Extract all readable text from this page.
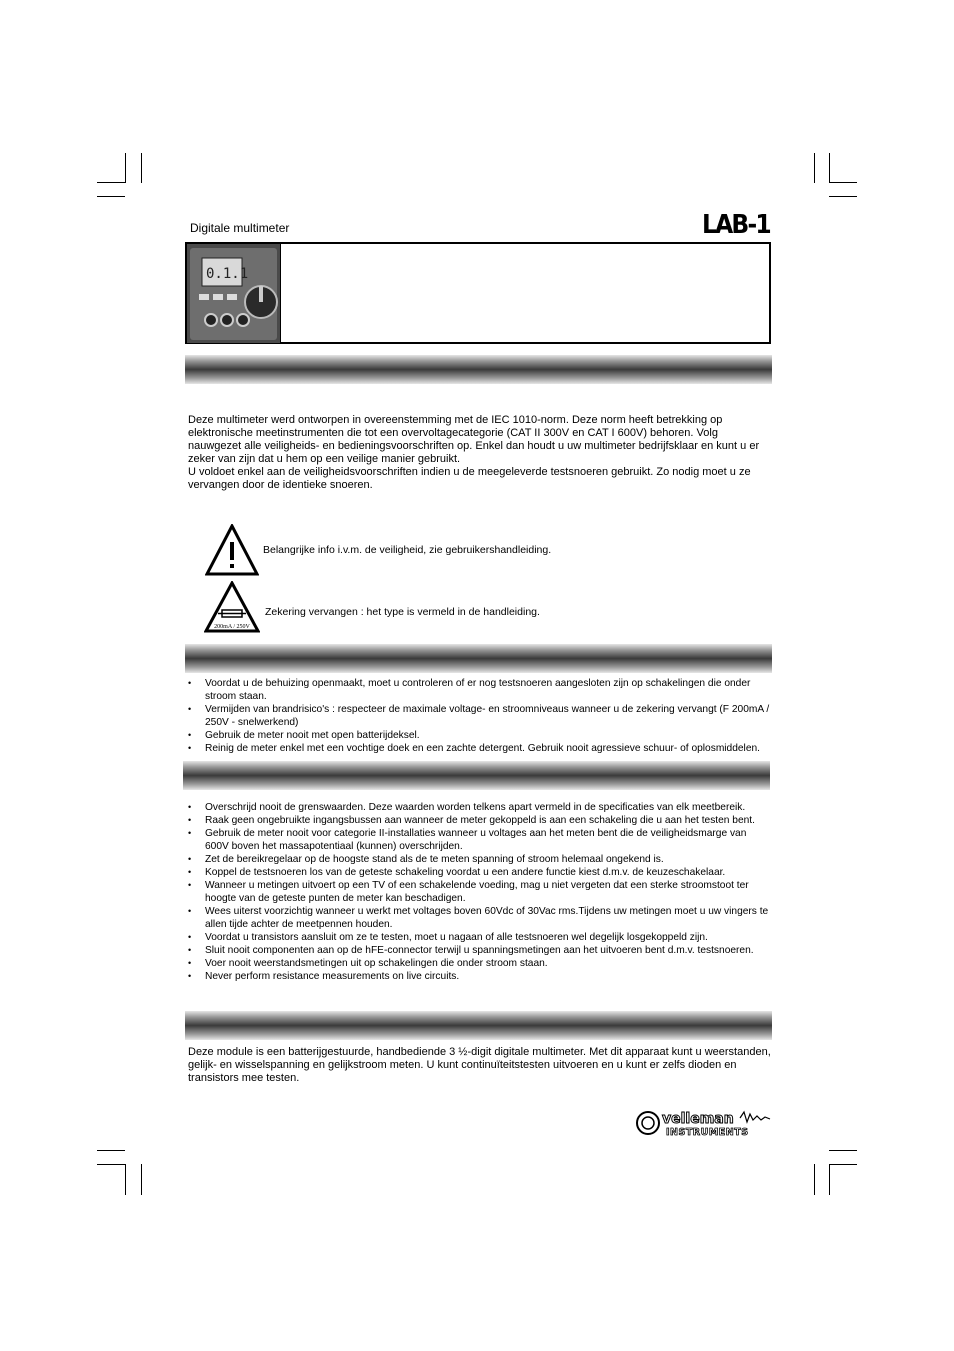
Digitale multimeter	LAB-1
0.1.1
Deze multimeter werd ontworpen in overeenstemming met de IEC 1010-norm. Deze norm heeft betrekking op elektronische meetinstrumenten die tot een overvoltagecategorie (CAT II 300V en CAT I 600V) behoren. Volg nauwgezet alle veiligheids- en bedieningsvoorschriften op. Enkel dan houdt u uw multimeter bedrijfsklaar en kunt u er zeker van zijn dat u hem op een veilige manier gebruikt.
U voldoet enkel aan de veiligheidsvoorschriften indien u de meegeleverde testsnoeren gebruikt. Zo nodig moet u ze vervangen door de identieke snoeren.
Belangrijke info i.v.m. de veiligheid, zie gebruikershandleiding.
200mA / 250V
Zekering vervangen : het type is vermeld in de handleiding.
• Voordat u de behuizing openmaakt, moet u controleren of er nog testsnoeren aangesloten zijn op schakelingen die onder stroom staan.
• Vermijden van brandrisico's : respecteer de maximale voltage- en stroomniveaus wanneer u de zekering vervangt (F 200mA / 250V - snelwerkend)
• Gebruik de meter nooit met open batterijdeksel.
• Reinig de meter enkel met een vochtige doek en een zachte detergent. Gebruik nooit agressieve schuur- of oplosmiddelen.
• Overschrijd nooit de grenswaarden. Deze waarden worden telkens apart vermeld in de specificaties van elk meetbereik.
• Raak geen ongebruikte ingangsbussen aan wanneer de meter gekoppeld is aan een schakeling die u aan het testen bent.
• Gebruik de meter nooit voor categorie II-installaties wanneer u voltages aan het meten bent die de veiligheidsmarge van 600V boven het massapotentiaal (kunnen) overschrijden.
• Zet de bereikregelaar op de hoogste stand als de te meten spanning of stroom helemaal ongekend is.
• Koppel de testsnoeren los van de geteste schakeling voordat u een andere functie kiest d.m.v. de keuzeschakelaar.
• Wanneer u metingen uitvoert op een TV of een schakelende voeding, mag u niet vergeten dat een sterke stroomstoot ter hoogte van de geteste punten de meter kan beschadigen.
• Wees uiterst voorzichtig wanneer u werkt met voltages boven 60Vdc of 30Vac rms.Tijdens uw metingen moet u uw vingers te allen tijde achter de meetpennen houden.
• Voordat u transistors aansluit om ze te testen, moet u nagaan of alle testsnoeren wel degelijk losgekoppeld zijn.
• Sluit nooit componenten aan op de hFE-connector terwijl u spanningsmetingen aan het uitvoeren bent d.m.v. testsnoeren.
• Voer nooit weerstandsmetingen uit op schakelingen die onder stroom staan.
• Never perform resistance measurements on live circuits.
Deze module is een batterijgestuurde, handbediende 3 ½-digit digitale multimeter. Met dit apparaat kunt u weerstanden, gelijk- en wisselspanning en gelijkstroom meten. U kunt continuïteitstesten uitvoeren en u kunt er zelfs dioden en transistors mee testen.
velleman
INSTRUMENTS
